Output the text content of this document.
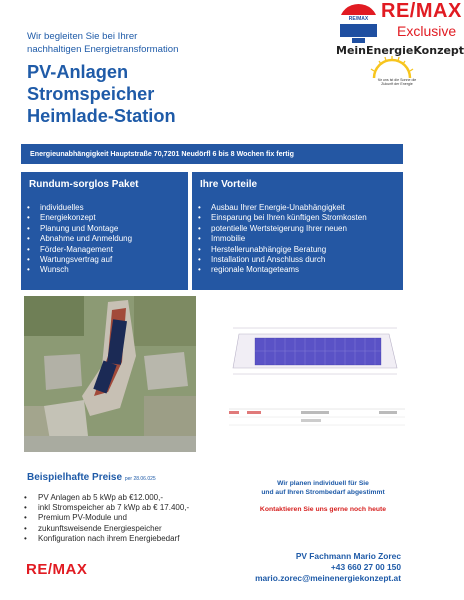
Wir begleiten Sie bei Ihrer
nachhaltigen Energietransformation
PV-Anlagen
Stromspeicher
Heimlade-Station
RE/MAX RE/MAX
Exclusive
MeinEnergieKonzept
für uns ist die Sonne die Zukunft der Energie
Energieunabhängigkeit Hauptstraße 70,7201 Neudörfl 6 bis 8 Wochen fix fertig
Rundum-sorglos Paket
• individuelles
• Energiekonzept
• Planung und Montage
• Abnahme und Anmeldung
• Förder-Management
• Wartungsvertrag auf
• Wunsch
Ihre Vorteile
• Ausbau Ihrer Energie-Unabhängigkeit
• Einsparung bei Ihren künftigen Stromkosten
• potentielle Wertsteigerung Ihrer neuen
• Immobilie
• Herstellerunabhängige Beratung
• Installation und Anschluss durch
• regionale Montageteams
Beispielhafte Preise per 28.06.025
• PV Anlagen ab 5 kWp ab €12.000,-
• inkl Stromspeicher ab 7 kWp ab € 17.400,-
• Premium PV-Module und
• zukunftsweisende Energiespeicher
• Konfiguration nach ihrem Energiebedarf
RE/MAX
Wir planen individuell für Sie
und auf Ihren Strombedarf abgestimmt
Kontaktieren Sie uns gerne noch heute
PV Fachmann Mario Zorec
+43 660 27 00 150
mario.zorec@meinenergiekonzept.at
